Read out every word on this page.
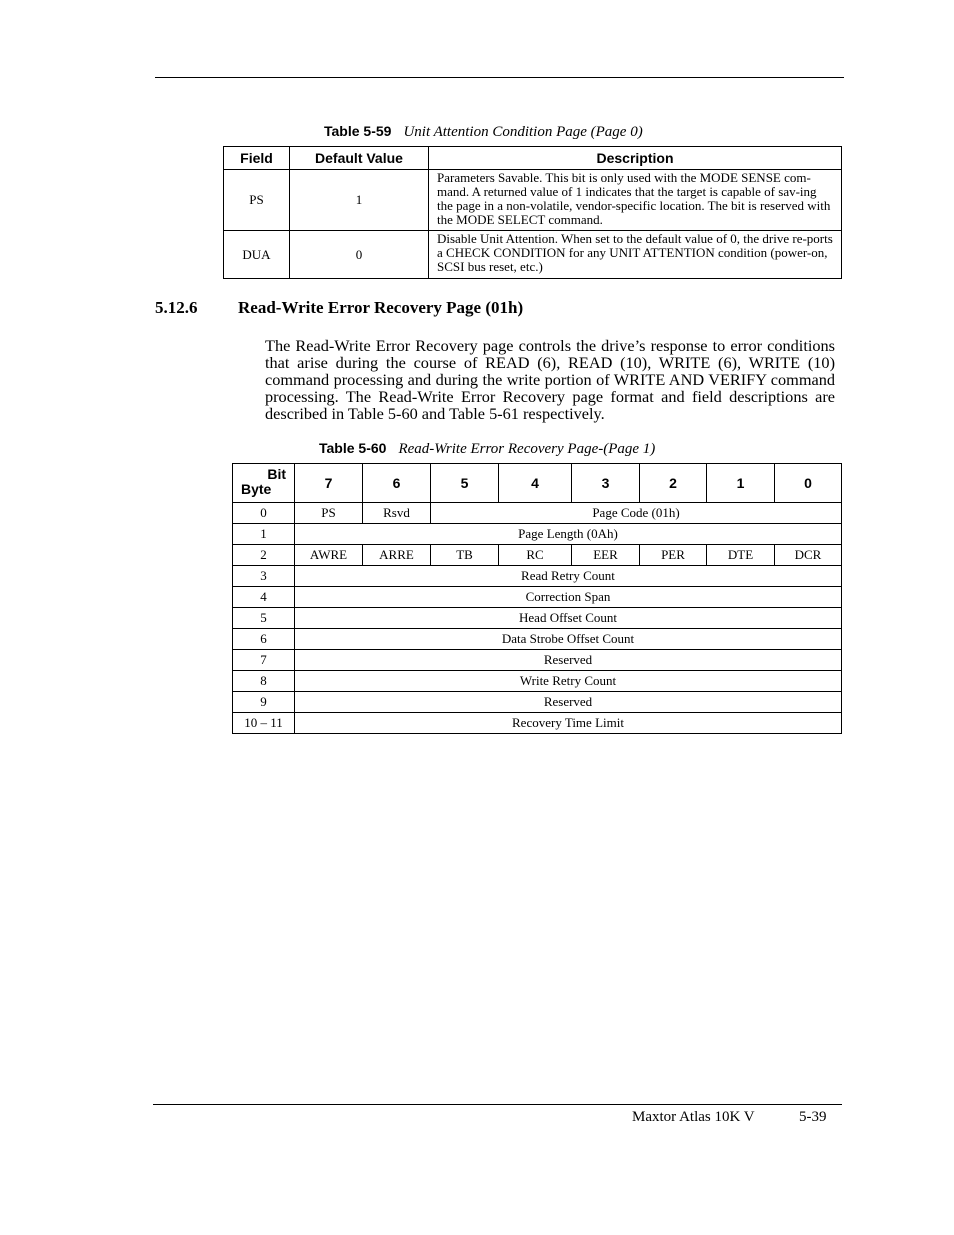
Table 5-59 Unit Attention Condition Page (Page 0)
Field	Default Value	Description
PS	1	Parameters Savable. This bit is only used with the MODE SENSE com-mand. A returned value of 1 indicates that the target is capable of sav-ing the page in a non-volatile, vendor-specific location. The bit is reserved with the MODE SELECT command.
DUA	0	Disable Unit Attention. When set to the default value of 0, the drive re-ports a CHECK CONDITION for any UNIT ATTENTION condition (power-on, SCSI bus reset, etc.)
5.12.6 Read-Write Error Recovery Page (01h)
The Read-Write Error Recovery page controls the drive’s response to error conditions that arise during the course of READ (6), READ (10), WRITE (6), WRITE (10) command processing and during the write portion of WRITE AND VERIFY command processing. The Read-Write Error Recovery page format and field descriptions are described in Table 5-60 and Table 5-61 respectively.
Table 5-60 Read-Write Error Recovery Page-(Page 1)
Bit
Byte	7	6	5	4	3	2	1	0
0	PS	Rsvd	Page Code (01h)					
1	Page Length (0Ah)							
2	AWRE	ARRE	TB	RC	EER	PER	DTE	DCR
3	Read Retry Count							
4	Correction Span							
5	Head Offset Count							
6	Data Strobe Offset Count							
7	Reserved							
8	Write Retry Count							
9	Reserved							
10 – 11	Recovery Time Limit							
Maxtor Atlas 10K V	5-39
